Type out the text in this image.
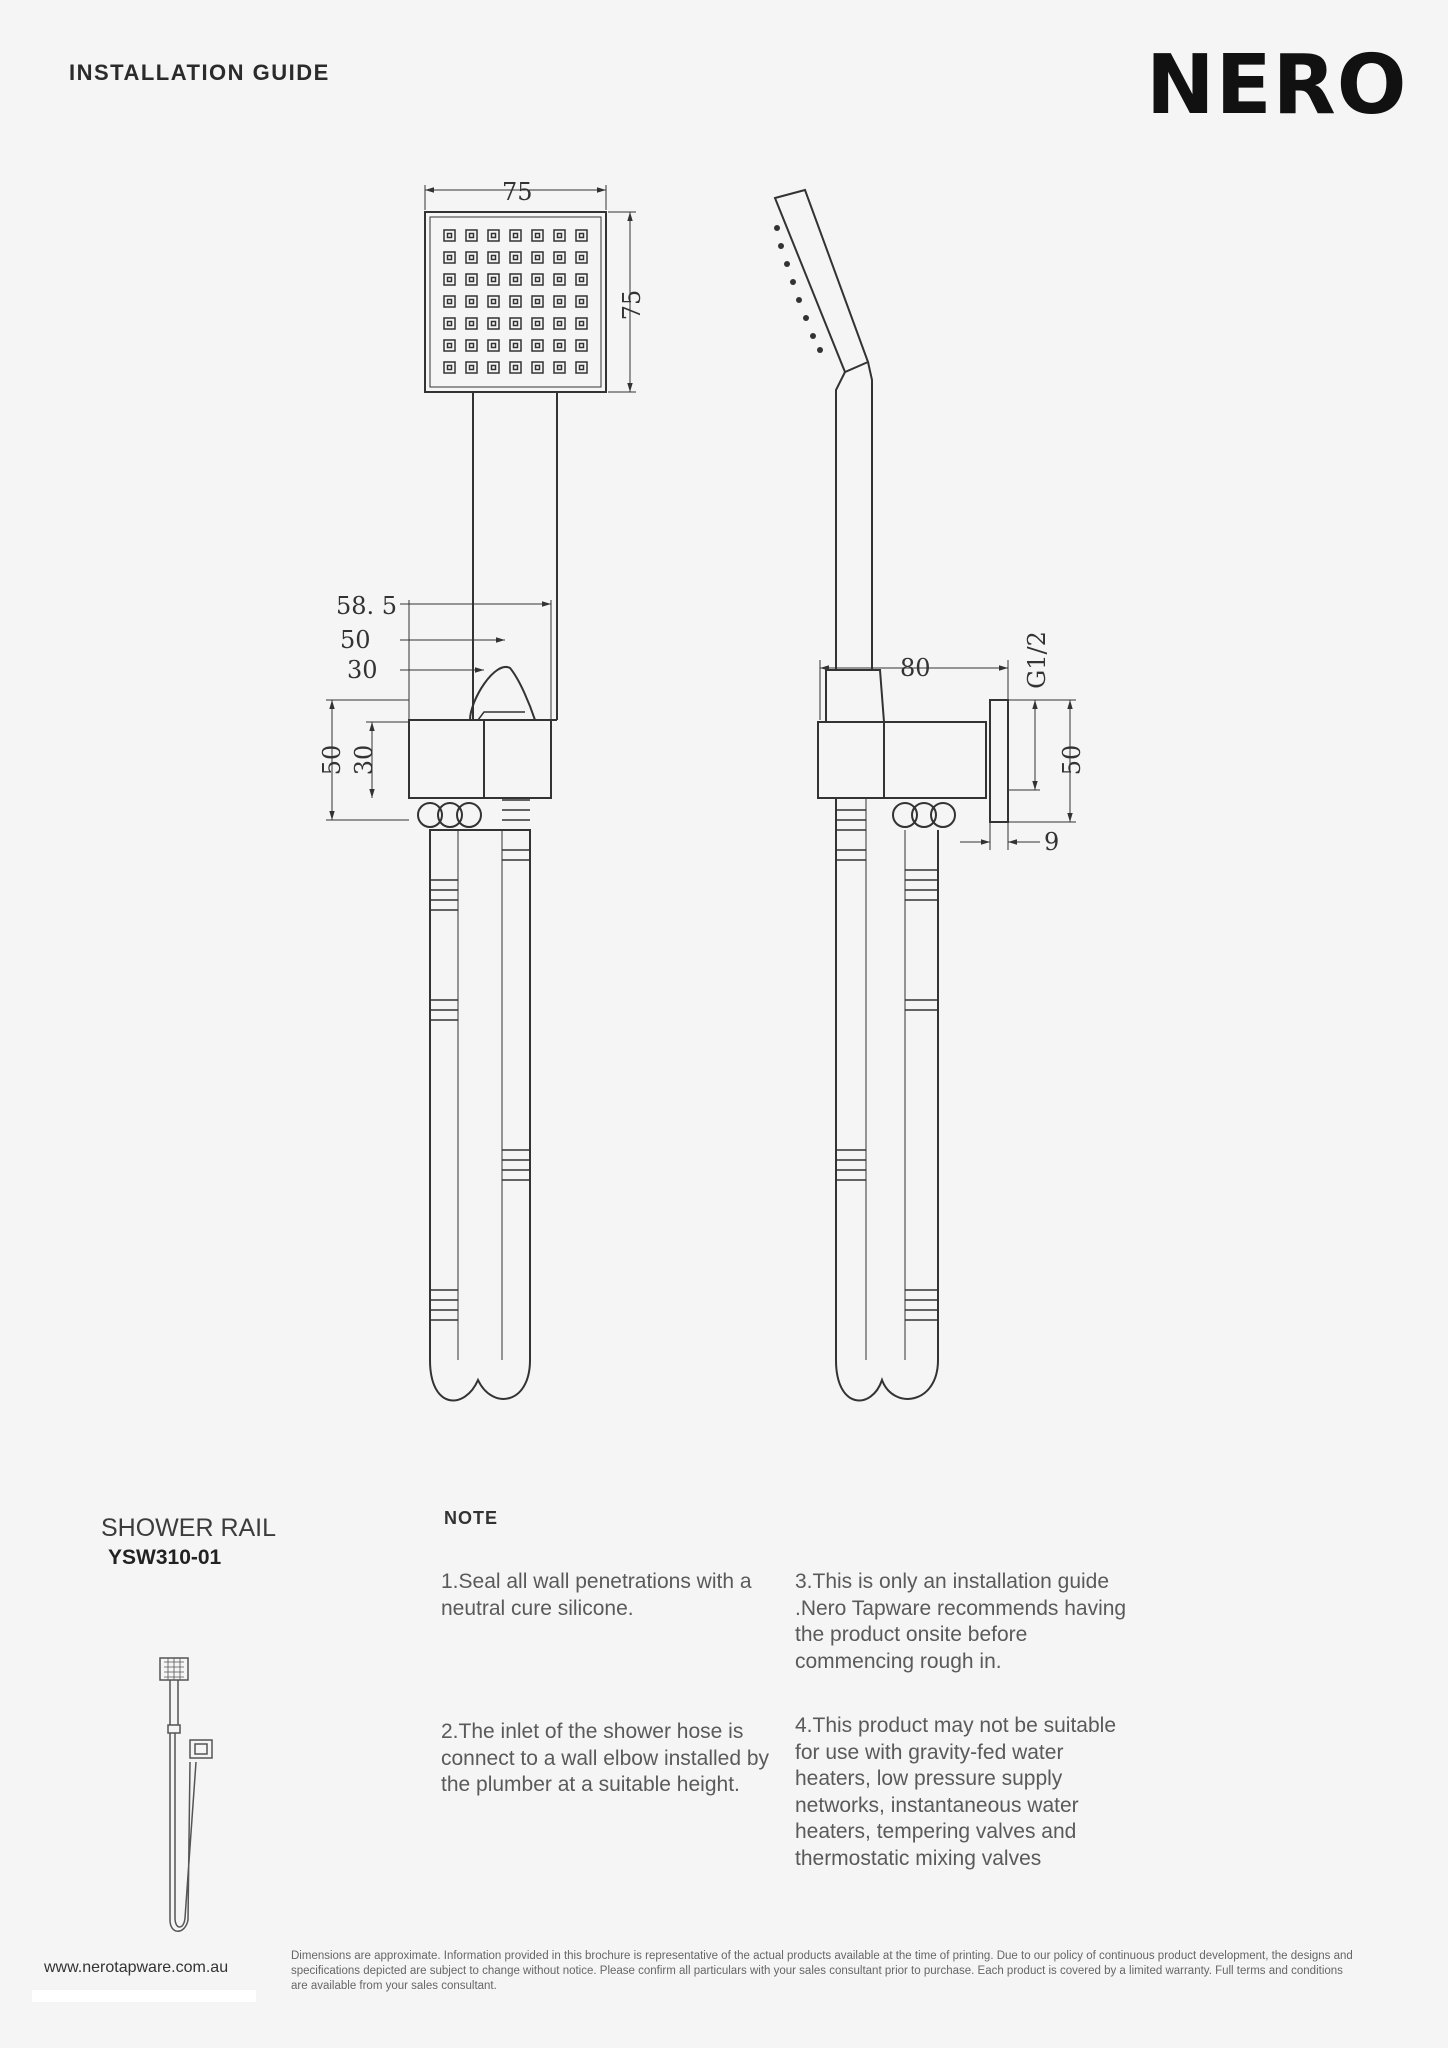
INSTALLATION GUIDE	NERO
75
75
58. 5
50
30
50 30
80	G1/2
50
9
SHOWER RAIL
YSW310-01
NOTE
1.Seal all wall penetrations with a neutral cure silicone.
2.The inlet of the shower hose is connect to a wall elbow installed by the plumber at a suitable height.
3.This is only an installation guide .Nero Tapware recommends having the product onsite before commencing rough in.
4.This product may not be suitable for use with gravity-fed water heaters, low pressure supply networks, instantaneous water heaters, tempering valves and thermostatic mixing valves
www.nerotapware.com.au
Dimensions are approximate. Information provided in this brochure is representative of the actual products available at the time of printing. Due to our policy of continuous product development, the designs and specifications depicted are subject to change without notice. Please confirm all particulars with your sales consultant prior to purchase. Each product is covered by a limited warranty. Full terms and conditions are available from your sales consultant.
